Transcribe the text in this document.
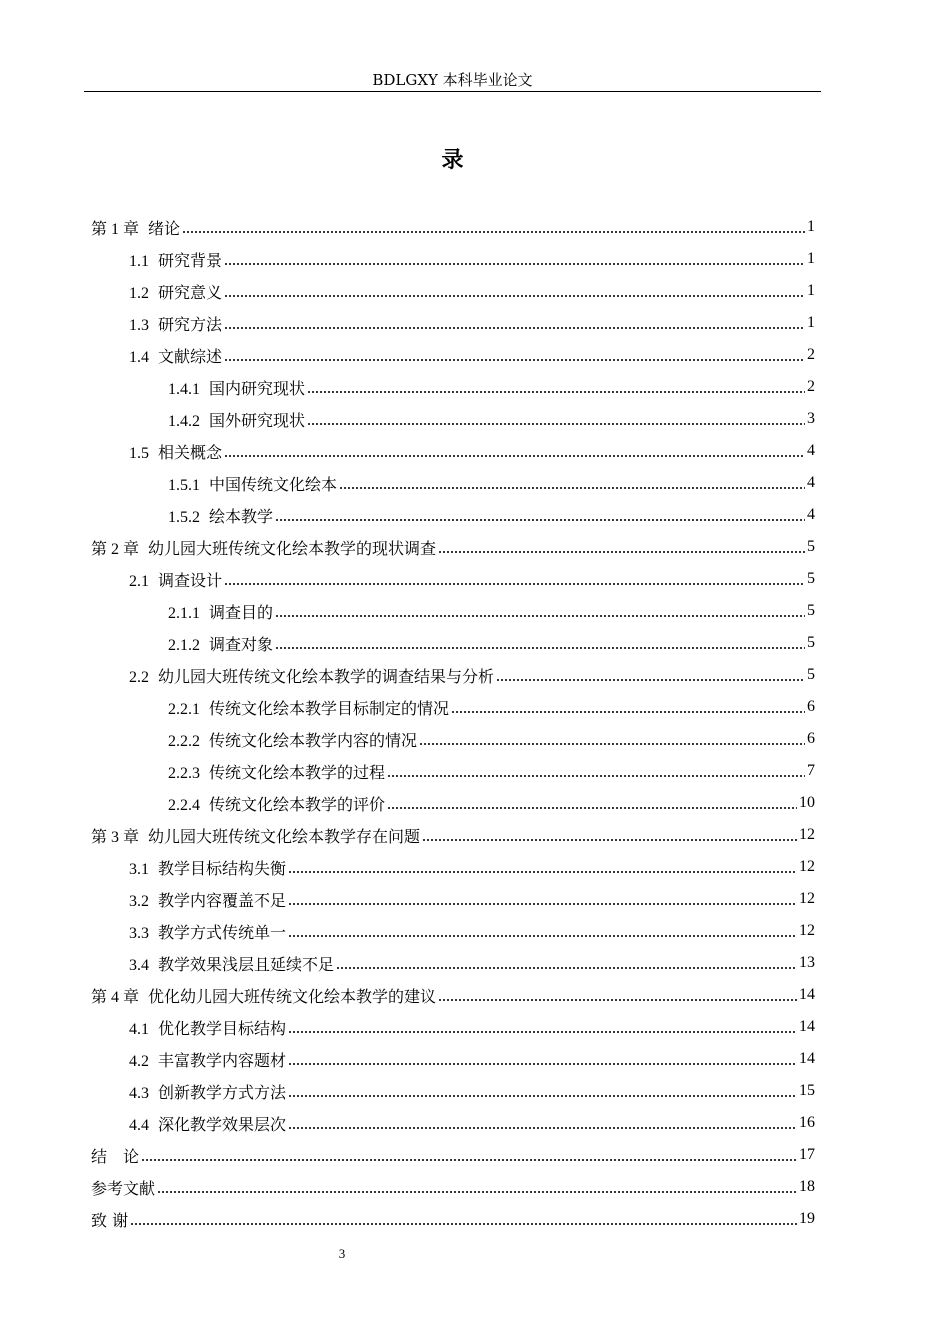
BDLGXY 本科毕业论文
录
第 1 章 绪论	1
1.1 研究背景	1
1.2 研究意义	1
1.3 研究方法	1
1.4 文献综述	2
1.4.1 国内研究现状	2
1.4.2 国外研究现状	3
1.5 相关概念	4
1.5.1 中国传统文化绘本	4
1.5.2 绘本教学	4
第 2 章 幼儿园大班传统文化绘本教学的现状调查	5
2.1 调查设计	5
2.1.1 调查目的	5
2.1.2 调查对象	5
2.2 幼儿园大班传统文化绘本教学的调查结果与分析	5
2.2.1 传统文化绘本教学目标制定的情况	6
2.2.2 传统文化绘本教学内容的情况	6
2.2.3 传统文化绘本教学的过程	7
2.2.4 传统文化绘本教学的评价	10
第 3 章 幼儿园大班传统文化绘本教学存在问题	12
3.1 教学目标结构失衡	12
3.2 教学内容覆盖不足	12
3.3 教学方式传统单一	12
3.4 教学效果浅层且延续不足	13
第 4 章 优化幼儿园大班传统文化绘本教学的建议	14
4.1 优化教学目标结构	14
4.2 丰富教学内容题材	14
4.3 创新教学方式方法	15
4.4 深化教学效果层次	16
结　论	17
参考文献	18
致 谢	19
3
